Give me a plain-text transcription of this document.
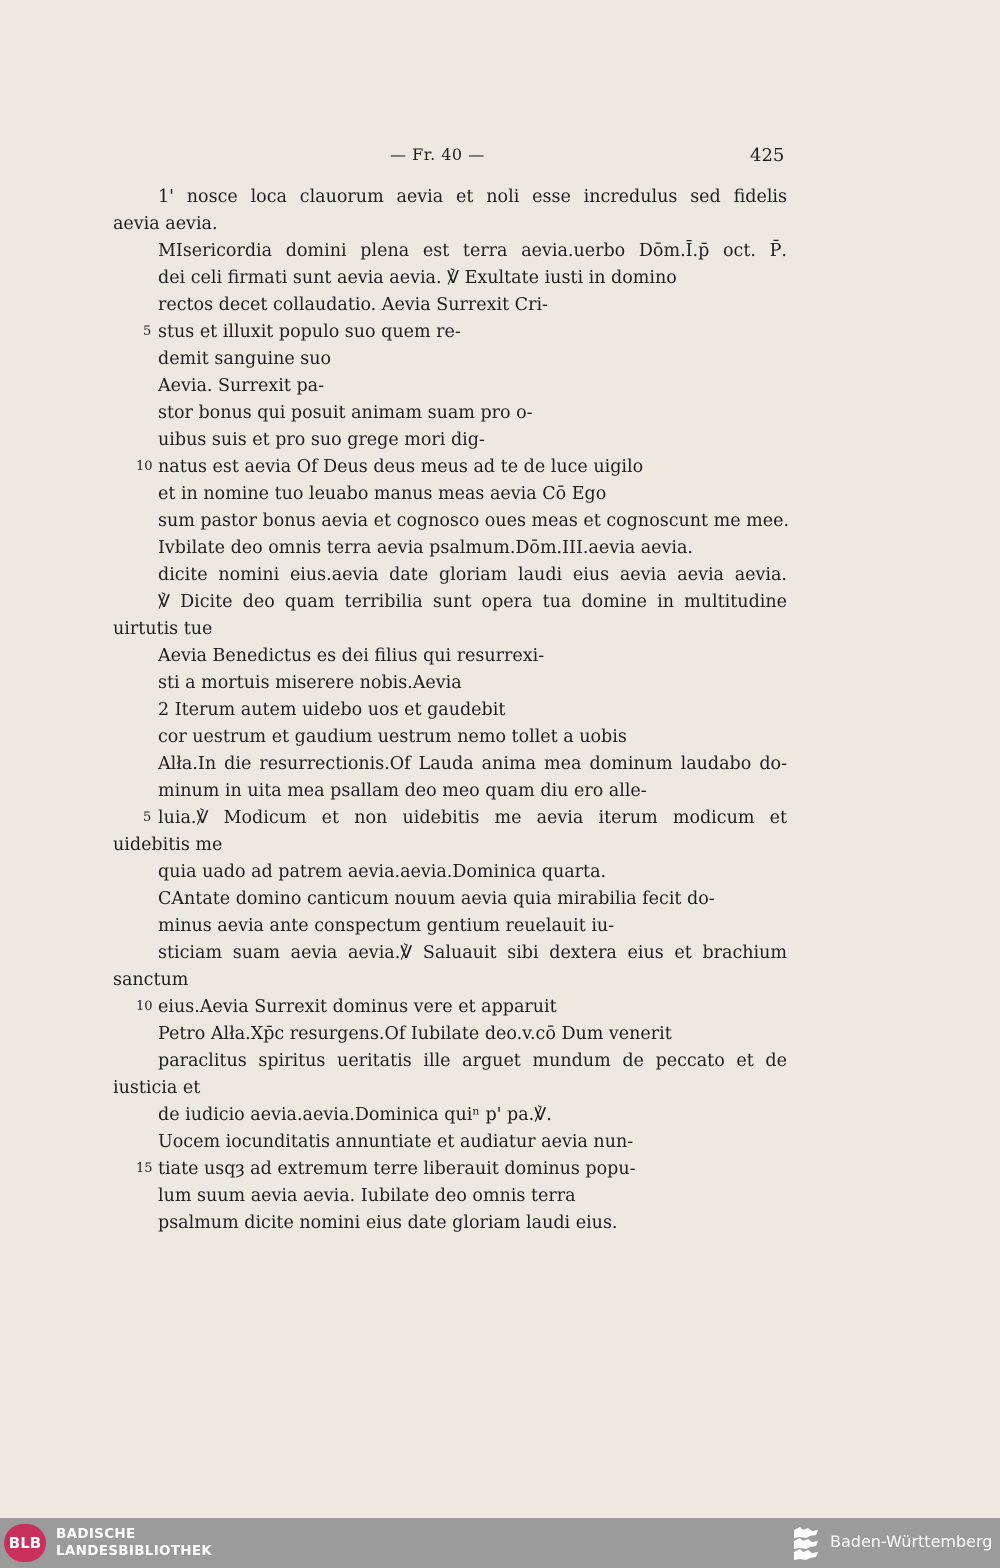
— Fr. 40 —	425
1' nosce loca clauorum aevia et noli esse incredulus sed fidelis
aevia aevia.
MIsericordia domini plena est terra aevia.uerbo Dōm.Ī.p̄ oct. P̄.
dei celi firmati sunt aevia aevia. ℣ Exultate iusti in domino
rectos decet collaudatio. Aevia Surrexit Cri-
stus et illuxit populo suo quem re-
5
demit sanguine suo
Aevia. Surrexit pa-
stor bonus qui posuit animam suam pro o-
uibus suis et pro suo grege mori dig-
natus est aevia Of Deus deus meus ad te de luce uigilo
10
et in nomine tuo leuabo manus meas aevia Cō Ego
sum pastor bonus aevia et cognosco oues meas et cognoscunt me mee.
Ivbilate deo omnis terra aevia psalmum.Dōm.III.aevia aevia.
dicite nomini eius.aevia date gloriam laudi eius aevia aevia aevia.
℣ Dicite deo quam terribilia sunt opera tua domine in multitudine
uirtutis tue
Aevia Benedictus es dei filius qui resurrexi-
sti a mortuis miserere nobis.Aevia
2 Iterum autem uidebo uos et gaudebit
cor uestrum et gaudium uestrum nemo tollet a uobis
Alła.In die resurrectionis.Of Lauda anima mea dominum laudabo do-
minum in uita mea psallam deo meo quam diu ero alle-
luia.℣ Modicum et non uidebitis me aevia iterum modicum et
5
uidebitis me
quia uado ad patrem aevia.aevia.Dominica quarta.
CAntate domino canticum nouum aevia quia mirabilia fecit do-
minus aevia ante conspectum gentium reuelauit iu-
sticiam suam aevia aevia.℣ Saluauit sibi dextera eius et brachium
sanctum
eius.Aevia Surrexit dominus vere et apparuit
10
Petro Alła.Xp̄c resurgens.Of Iubilate deo.v.cō Dum venerit
paraclitus spiritus ueritatis ille arguet mundum de peccato et de
iusticia et
de iudicio aevia.aevia.Dominica quiⁿ p' pa.℣.
Uocem iocunditatis annuntiate et audiatur aevia nun-
tiate usqȝ ad extremum terre liberauit dominus popu-
15
lum suum aevia aevia. Iubilate deo omnis terra
psalmum dicite nomini eius date gloriam laudi eius.
BLB	BADISCHE
LANDESBIBLIOTHEK	Baden-Württemberg
